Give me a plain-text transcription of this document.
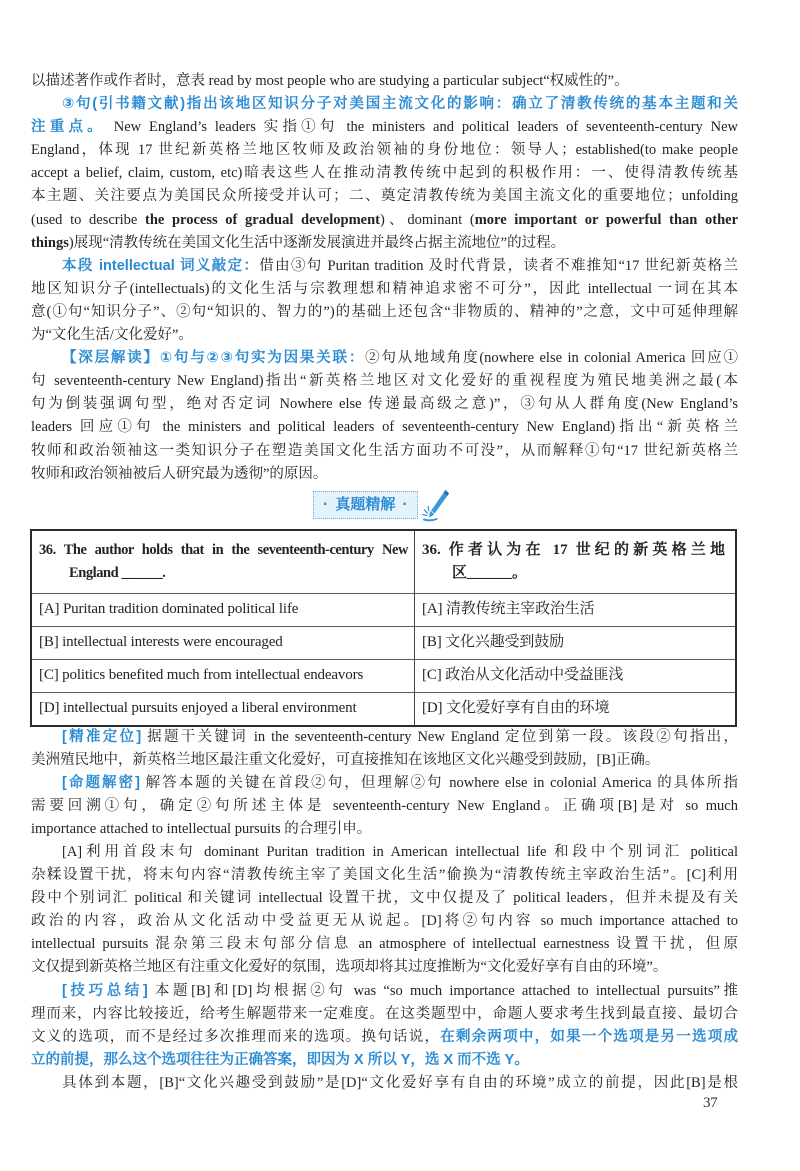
以描述著作或作者时，意表 read by most people who are studying a particular subject“权威性的”。
③句(引书籍文献)指出该地区知识分子对美国主流文化的影响：确立了清教传统的基本主题和关
注重点。 New England’s leaders 实指①句 the ministers and political leaders of seventeenth-century New
England，体现 17 世纪新英格兰地区牧师及政治领袖的身份地位：领导人；established(to make people
accept a belief, claim, custom, etc)暗表这些人在推动清教传统中起到的积极作用：一、使得清教传统基
本主题、关注要点为美国民众所接受并认可；二、奠定清教传统为美国主流文化的重要地位；unfolding
(used to describe the process of gradual development)、dominant (more important or powerful than other
things)展现“清教传统在美国文化生活中逐渐发展演进并最终占据主流地位”的过程。
本段 intellectual 词义敲定：借由③句 Puritan tradition 及时代背景，读者不难推知“17 世纪新英格兰
地区知识分子(intellectuals)的文化生活与宗教理想和精神追求密不可分”，因此 intellectual 一词在其本
意(①句“知识分子”、②句“知识的、智力的”)的基础上还包含“非物质的、精神的”之意，文中可延伸理解
为“文化生活/文化爱好”。
【深层解读】①句与②③句实为因果关联：②句从地域角度(nowhere else in colonial America 回应①
句 seventeenth-century New England)指出“新英格兰地区对文化爱好的重视程度为殖民地美洲之最(本
句为倒装强调句型，绝对否定词 Nowhere else 传递最高级之意)”，③句从人群角度(New England’s
leaders 回应①句 the ministers and political leaders of seventeenth-century New England)指出“新英格兰
牧师和政治领袖这一类知识分子在塑造美国文化生活方面功不可没”，从而解释①句“17 世纪新英格兰
牧师和政治领袖被后人研究最为透彻”的原因。
· 真题精解 ·
36. The author holds that in the seventeenth-century New
England ______.
36. 作者认为在 17 世纪的新英格兰地
区______。
[A] Puritan tradition dominated political life	[A] 清教传统主宰政治生活
[B] intellectual interests were encouraged	[B] 文化兴趣受到鼓励
[C] politics benefited much from intellectual endeavors	[C] 政治从文化活动中受益匪浅
[D] intellectual pursuits enjoyed a liberal environment	[D] 文化爱好享有自由的环境
[精准定位] 据题干关键词 in the seventeenth-century New England 定位到第一段。该段②句指出，
美洲殖民地中，新英格兰地区最注重文化爱好，可直接推知在该地区文化兴趣受到鼓励，[B]正确。
[命题解密] 解答本题的关键在首段②句，但理解②句 nowhere else in colonial America 的具体所指
需要回溯①句，确定②句所述主体是 seventeenth-century New England。正确项[B]是对 so much
importance attached to intellectual pursuits 的合理引申。
[A]利用首段末句 dominant Puritan tradition in American intellectual life 和段中个别词汇 political
杂糅设置干扰，将末句内容“清教传统主宰了美国文化生活”偷换为“清教传统主宰政治生活”。[C]利用
段中个别词汇 political 和关键词 intellectual 设置干扰，文中仅提及了 political leaders，但并未提及有关
政治的内容，政治从文化活动中受益更无从说起。[D]将②句内容 so much importance attached to
intellectual pursuits 混杂第三段末句部分信息 an atmosphere of intellectual earnestness 设置干扰，但原
文仅提到新英格兰地区有注重文化爱好的氛围，选项却将其过度推断为“文化爱好享有自由的环境”。
[技巧总结] 本题[B]和[D]均根据②句 was “so much importance attached to intellectual pursuits”推
理而来，内容比较接近，给考生解题带来一定难度。在这类题型中，命题人要求考生找到最直接、最切合
文义的选项，而不是经过多次推理而来的选项。换句话说，在剩余两项中，如果一个选项是另一选项成
立的前提，那么这个选项往往为正确答案，即因为 X 所以 Y，选 X 而不选 Y。
具体到本题，[B]“文化兴趣受到鼓励”是[D]“文化爱好享有自由的环境”成立的前提，因此[B]是根
37
